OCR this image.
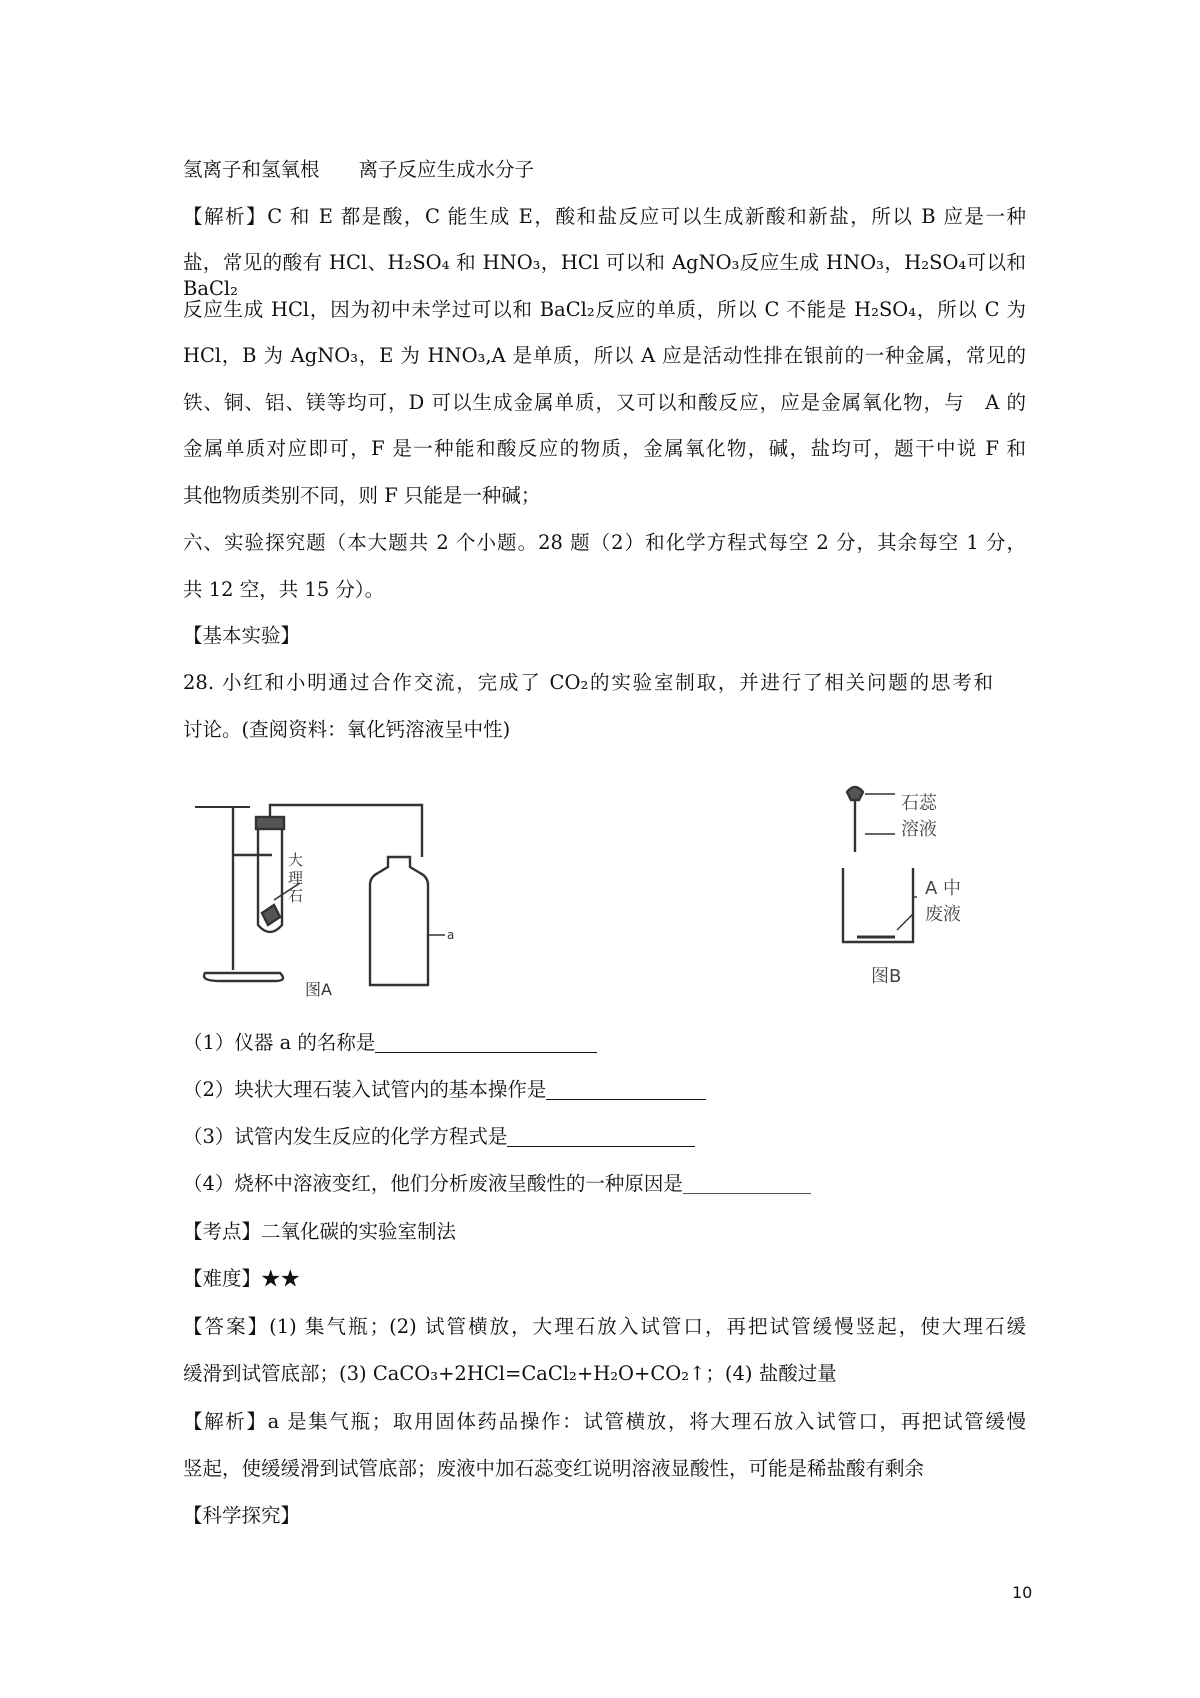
氢离子和氢氧根　　离子反应生成水分子
【解析】C 和 E 都是酸，C 能生成 E，酸和盐反应可以生成新酸和新盐，所以 B 应是一种
盐，常见的酸有 HCl、H₂SO₄ 和 HNO₃，HCl 可以和 AgNO₃反应生成 HNO₃，H₂SO₄可以和 BaCl₂
反应生成 HCl，因为初中未学过可以和 BaCl₂反应的单质，所以 C 不能是 H₂SO₄，所以 C 为
HCl，B 为 AgNO₃，E 为 HNO₃,A 是单质，所以 A 应是活动性排在银前的一种金属，常见的
铁、铜、铝、镁等均可，D 可以生成金属单质，又可以和酸反应，应是金属氧化物，与　A 的
金属单质对应即可，F 是一种能和酸反应的物质，金属氧化物，碱，盐均可，题干中说 F 和
其他物质类别不同，则 F 只能是一种碱；
六、实验探究题（本大题共 2 个小题。28 题（2）和化学方程式每空 2 分，其余每空 1 分，
共 12 空，共 15 分）。
【基本实验】
28. 小红和小明通过合作交流，完成了 CO₂的实验室制取，并进行了相关问题的思考和
讨论。(查阅资料：氧化钙溶液呈中性)
大
理
石
a
图A
石蕊
溶液
A 中
废液
图B
（1）仪器 a 的名称是
（2）块状大理石装入试管内的基本操作是
（3）试管内发生反应的化学方程式是
（4）烧杯中溶液变红，他们分析废液呈酸性的一种原因是
【考点】二氧化碳的实验室制法
【难度】★★
【答案】(1) 集气瓶；(2) 试管横放，大理石放入试管口，再把试管缓慢竖起，使大理石缓
缓滑到试管底部；(3) CaCO₃+2HCl=CaCl₂+H₂O+CO₂↑；(4) 盐酸过量
【解析】a 是集气瓶；取用固体药品操作：试管横放，将大理石放入试管口，再把试管缓慢
竖起，使缓缓滑到试管底部；废液中加石蕊变红说明溶液显酸性，可能是稀盐酸有剩余
【科学探究】
10
